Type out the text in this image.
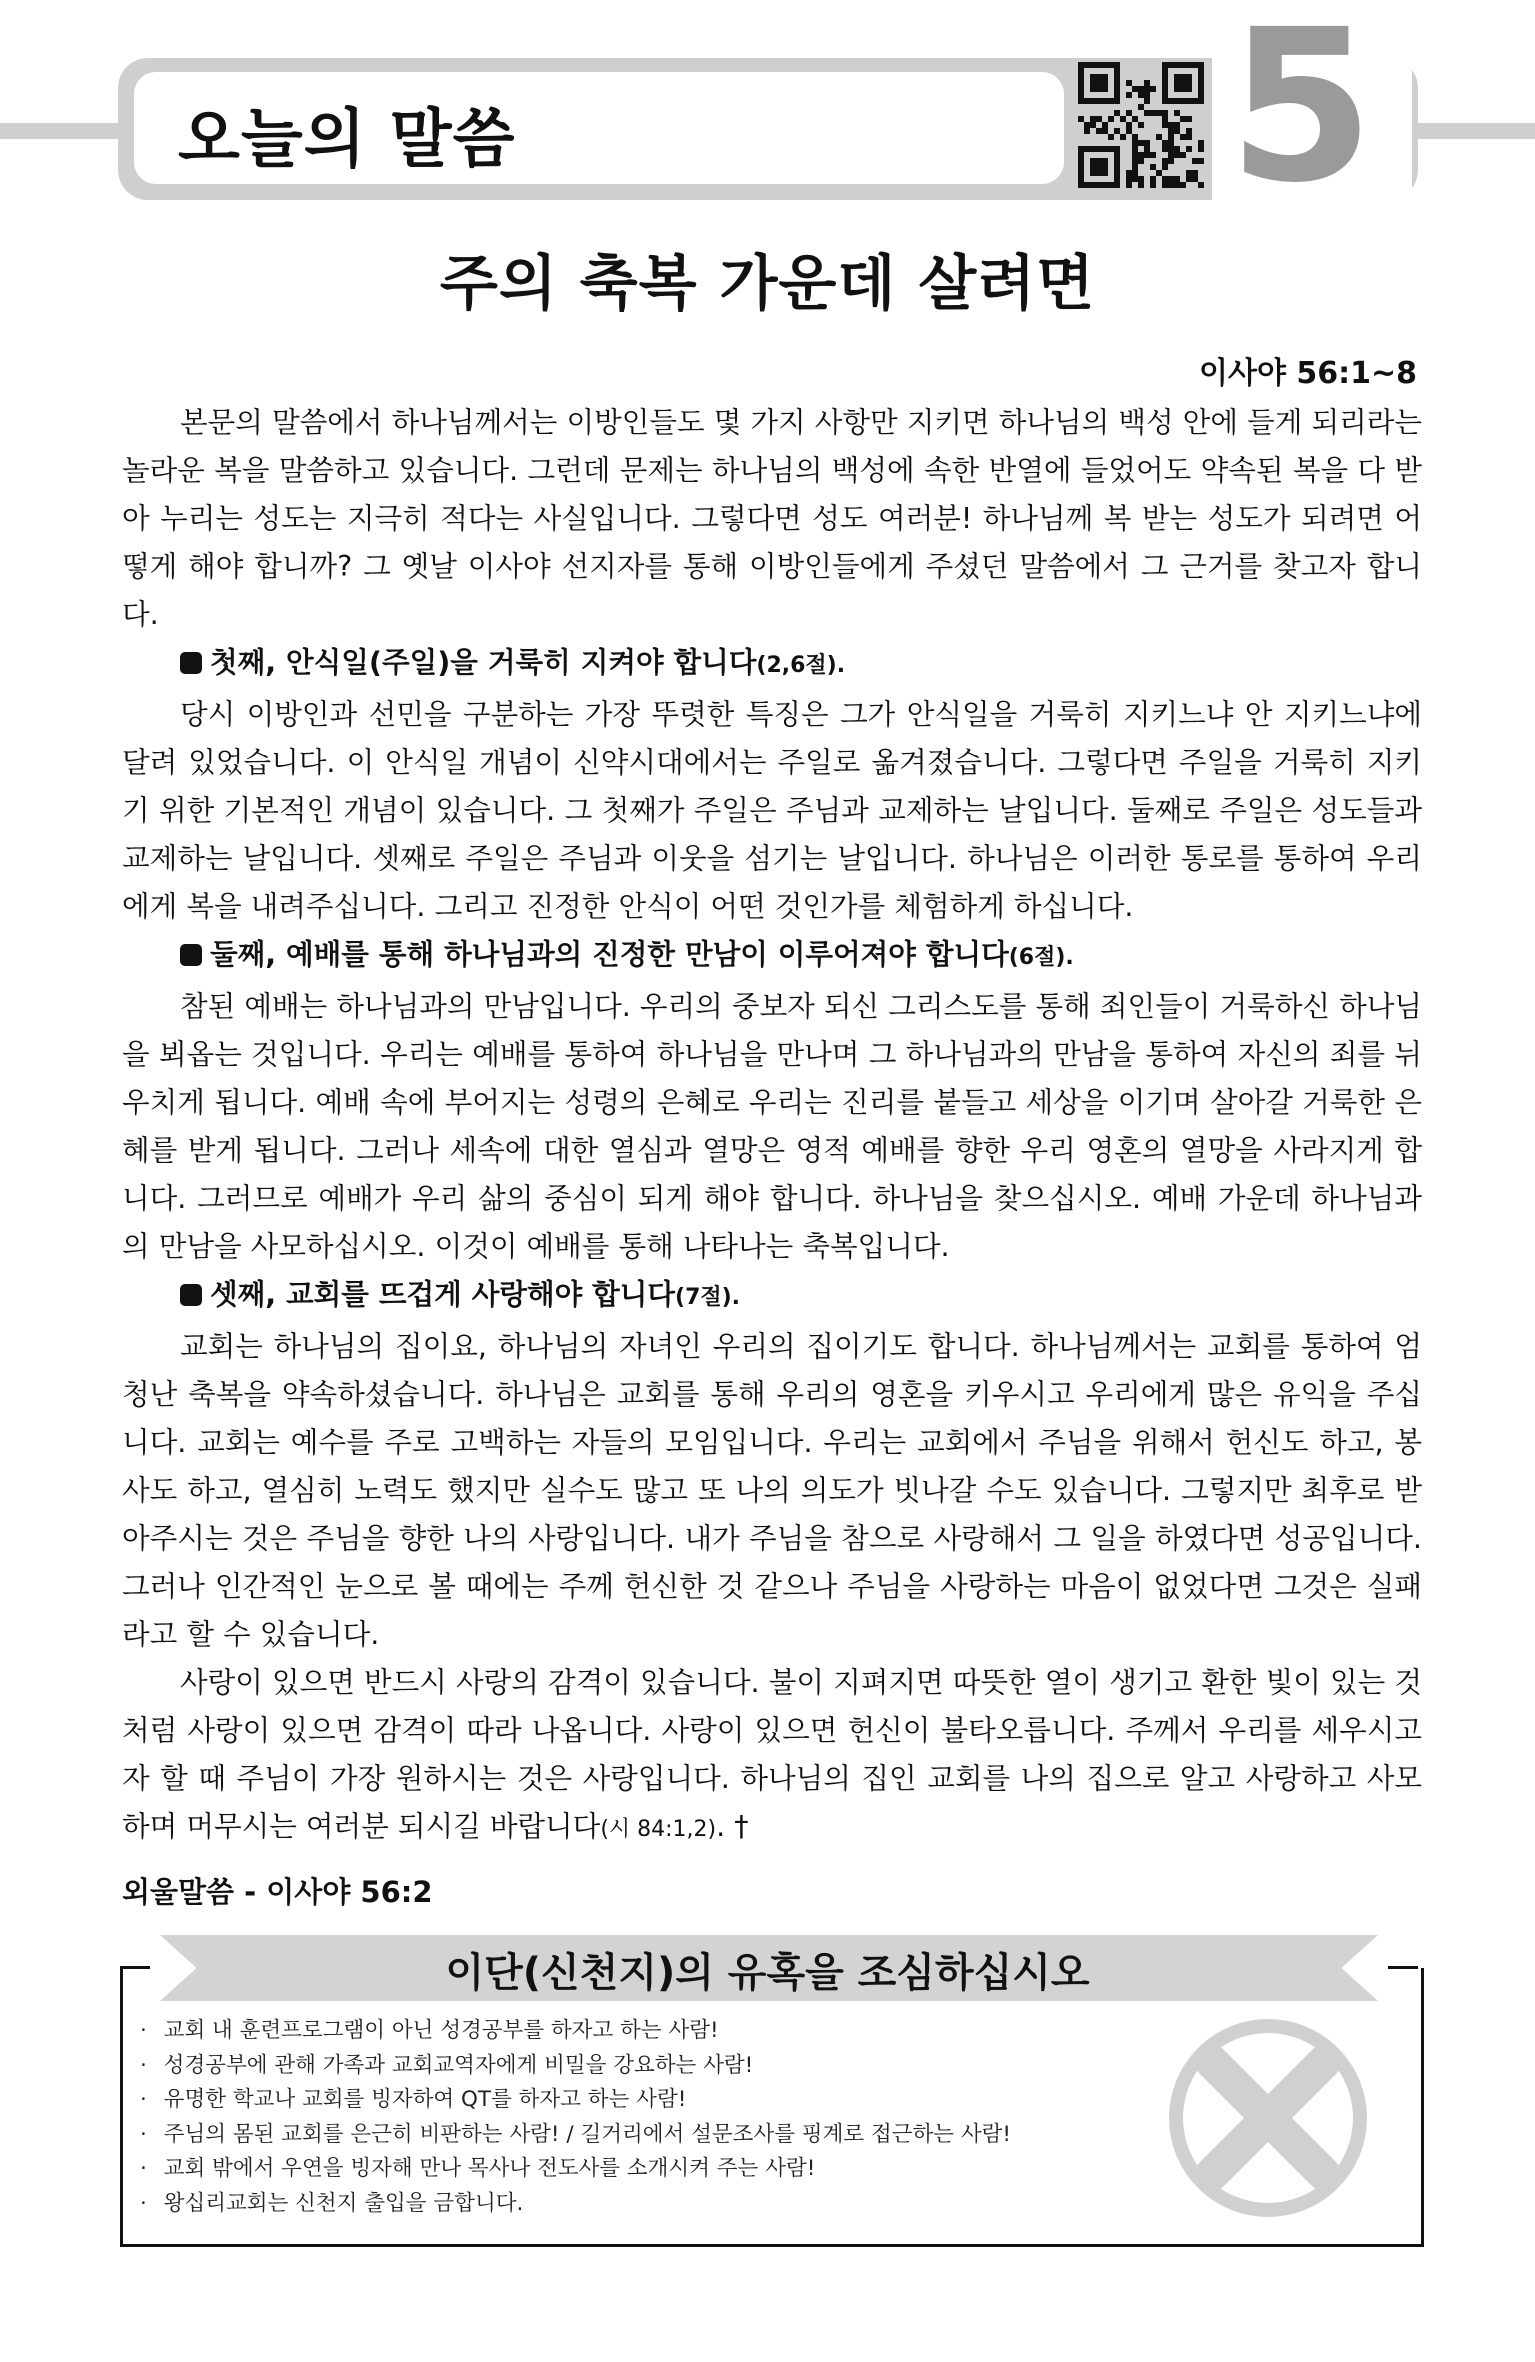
오늘의 말씀	5
주의 축복 가운데 살려면
이사야 56:1~8

본문의 말씀에서 하나님께서는 이방인들도 몇 가지 사항만 지키면 하나님의 백성 안에 들게 되리라는 놀라운 복을 말씀하고 있습니다. 그런데 문제는 하나님의 백성에 속한 반열에 들었어도 약속된 복을 다 받아 누리는 성도는 지극히 적다는 사실입니다. 그렇다면 성도 여러분! 하나님께 복 받는 성도가 되려면 어떻게 해야 합니까? 그 옛날 이사야 선지자를 통해 이방인들에게 주셨던 말씀에서 그 근거를 찾고자 합니다.

첫째, 안식일(주일)을 거룩히 지켜야 합니다(2,6절).

당시 이방인과 선민을 구분하는 가장 뚜렷한 특징은 그가 안식일을 거룩히 지키느냐 안 지키느냐에 달려 있었습니다. 이 안식일 개념이 신약시대에서는 주일로 옮겨졌습니다. 그렇다면 주일을 거룩히 지키기 위한 기본적인 개념이 있습니다. 그 첫째가 주일은 주님과 교제하는 날입니다. 둘째로 주일은 성도들과 교제하는 날입니다. 셋째로 주일은 주님과 이웃을 섬기는 날입니다. 하나님은 이러한 통로를 통하여 우리에게 복을 내려주십니다. 그리고 진정한 안식이 어떤 것인가를 체험하게 하십니다.

둘째, 예배를 통해 하나님과의 진정한 만남이 이루어져야 합니다(6절).

참된 예배는 하나님과의 만남입니다. 우리의 중보자 되신 그리스도를 통해 죄인들이 거룩하신 하나님을 뵈옵는 것입니다. 우리는 예배를 통하여 하나님을 만나며 그 하나님과의 만남을 통하여 자신의 죄를 뉘우치게 됩니다. 예배 속에 부어지는 성령의 은혜로 우리는 진리를 붙들고 세상을 이기며 살아갈 거룩한 은혜를 받게 됩니다. 그러나 세속에 대한 열심과 열망은 영적 예배를 향한 우리 영혼의 열망을 사라지게 합니다. 그러므로 예배가 우리 삶의 중심이 되게 해야 합니다. 하나님을 찾으십시오. 예배 가운데 하나님과의 만남을 사모하십시오. 이것이 예배를 통해 나타나는 축복입니다.

셋째, 교회를 뜨겁게 사랑해야 합니다(7절).

교회는 하나님의 집이요, 하나님의 자녀인 우리의 집이기도 합니다. 하나님께서는 교회를 통하여 엄청난 축복을 약속하셨습니다. 하나님은 교회를 통해 우리의 영혼을 키우시고 우리에게 많은 유익을 주십니다. 교회는 예수를 주로 고백하는 자들의 모임입니다. 우리는 교회에서 주님을 위해서 헌신도 하고, 봉사도 하고, 열심히 노력도 했지만 실수도 많고 또 나의 의도가 빗나갈 수도 있습니다. 그렇지만 최후로 받아주시는 것은 주님을 향한 나의 사랑입니다. 내가 주님을 참으로 사랑해서 그 일을 하였다면 성공입니다. 그러나 인간적인 눈으로 볼 때에는 주께 헌신한 것 같으나 주님을 사랑하는 마음이 없었다면 그것은 실패라고 할 수 있습니다.

사랑이 있으면 반드시 사랑의 감격이 있습니다. 불이 지펴지면 따뜻한 열이 생기고 환한 빛이 있는 것처럼 사랑이 있으면 감격이 따라 나옵니다. 사랑이 있으면 헌신이 불타오릅니다. 주께서 우리를 세우시고자 할 때 주님이 가장 원하시는 것은 사랑입니다. 하나님의 집인 교회를 나의 집으로 알고 사랑하고 사모하며 머무시는 여러분 되시길 바랍니다(시 84:1,2). †

외울말씀 - 이사야 56:2
이단(신천지)의 유혹을 조심하십시오
· 교회 내 훈련프로그램이 아닌 성경공부를 하자고 하는 사람!
· 성경공부에 관해 가족과 교회교역자에게 비밀을 강요하는 사람!
· 유명한 학교나 교회를 빙자하여 QT를 하자고 하는 사람!
· 주님의 몸된 교회를 은근히 비판하는 사람! / 길거리에서 설문조사를 핑계로 접근하는 사람!
· 교회 밖에서 우연을 빙자해 만나 목사나 전도사를 소개시켜 주는 사람!
· 왕십리교회는 신천지 출입을 금합니다.
